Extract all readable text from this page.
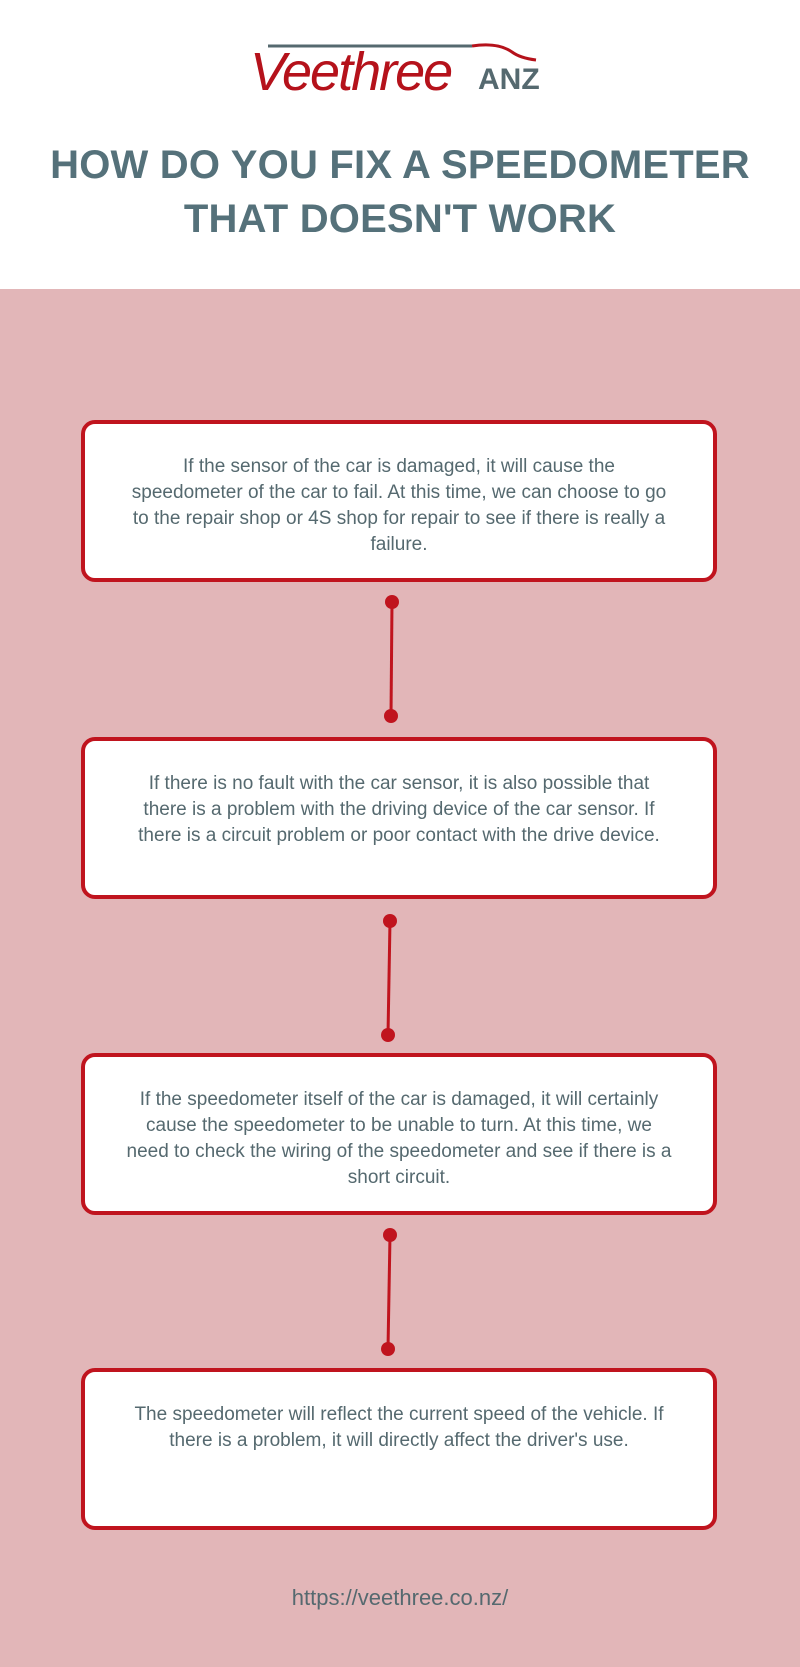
Veethree ANZ
HOW DO YOU FIX A SPEEDOMETER
THAT DOESN'T WORK

If the sensor of the car is damaged, it will cause the speedometer of the car to fail. At this time, we can choose to go to the repair shop or 4S shop for repair to see if there is really a failure.

If there is no fault with the car sensor, it is also possible that there is a problem with the driving device of the car sensor. If there is a circuit problem or poor contact with the drive device.

If the speedometer itself of the car is damaged, it will certainly cause the speedometer to be unable to turn. At this time, we need to check the wiring of the speedometer and see if there is a short circuit.

The speedometer will reflect the current speed of the vehicle. If there is a problem, it will directly affect the driver's use.

https://veethree.co.nz/
